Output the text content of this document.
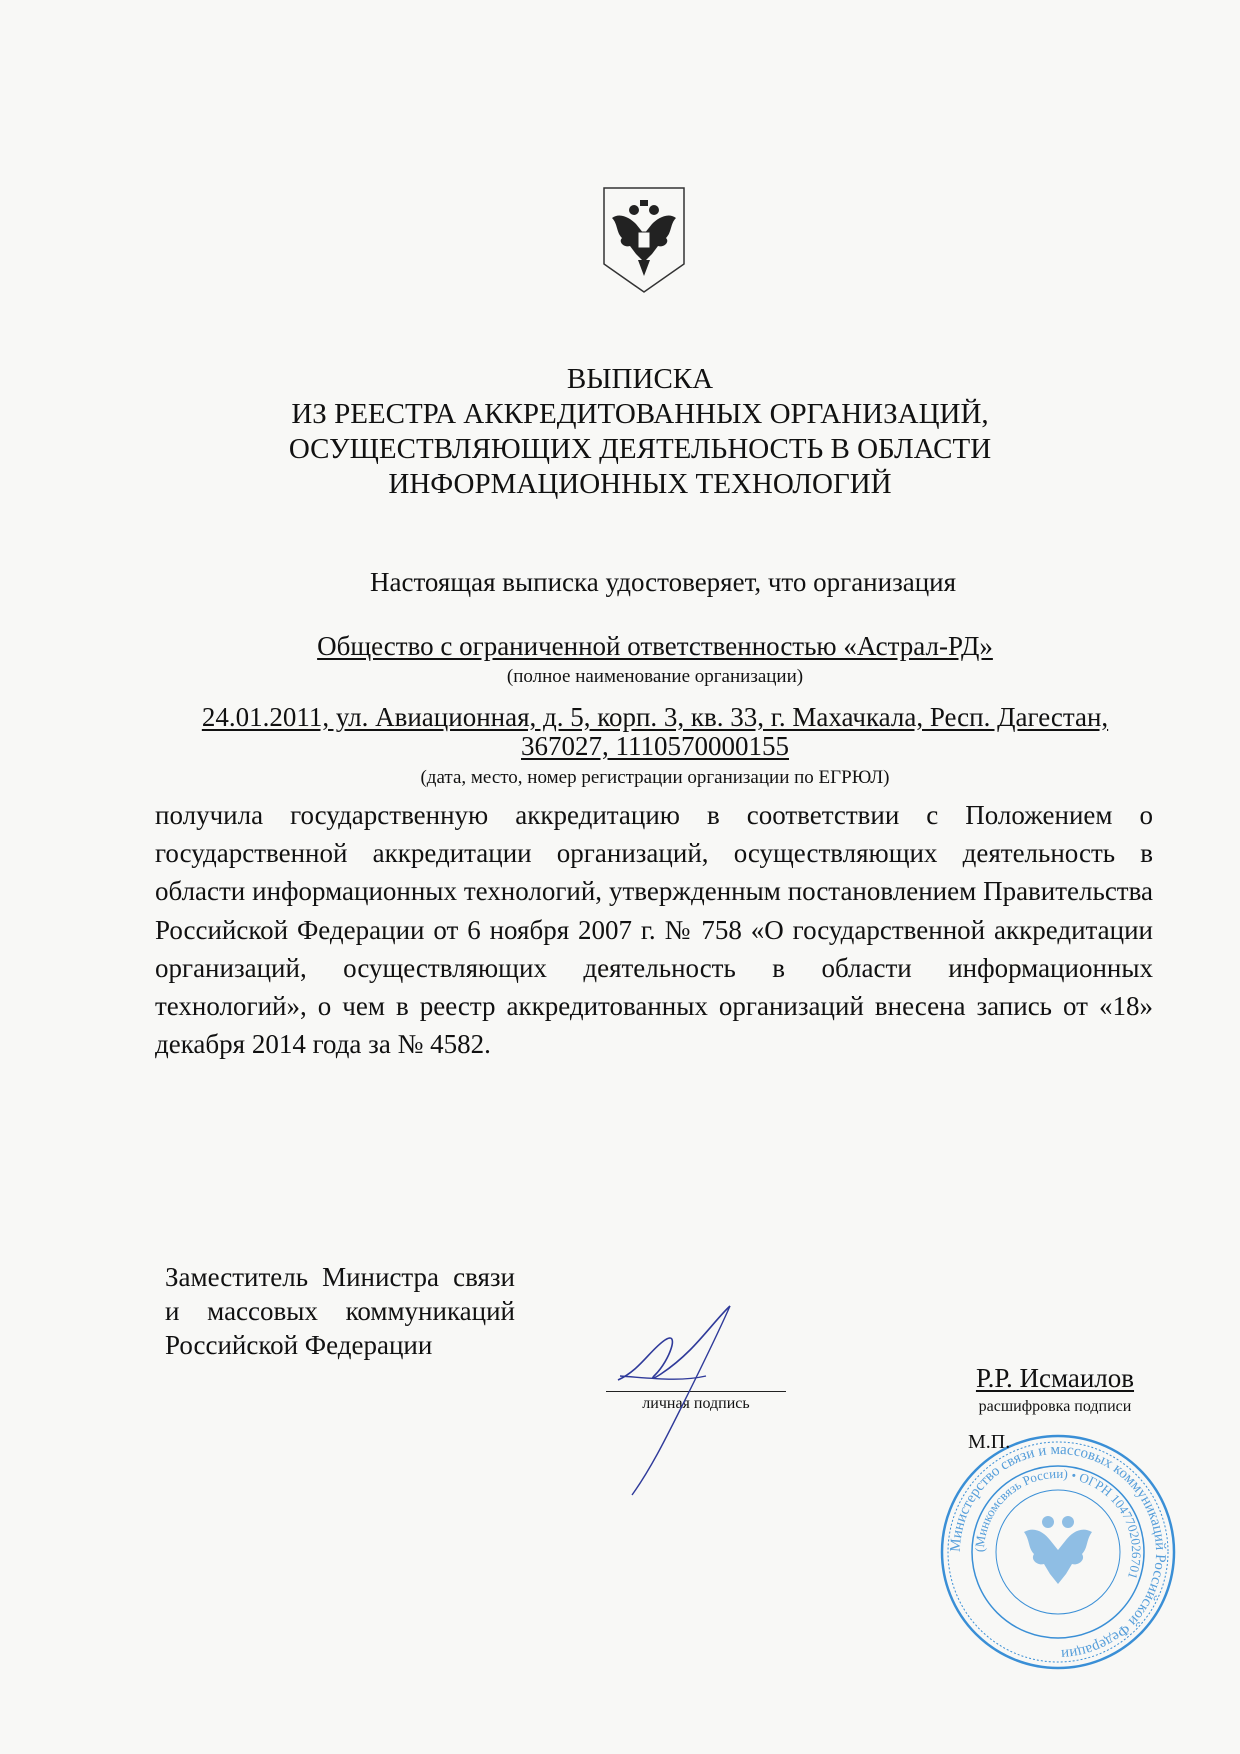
ВЫПИСКА
ИЗ РЕЕСТРА АККРЕДИТОВАННЫХ ОРГАНИЗАЦИЙ,
ОСУЩЕСТВЛЯЮЩИХ ДЕЯТЕЛЬНОСТЬ В ОБЛАСТИ
ИНФОРМАЦИОННЫХ ТЕХНОЛОГИЙ
Настоящая выписка удостоверяет, что организация
Общество с ограниченной ответственностью «Астрал-РД»
(полное наименование организации)
24.01.2011, ул. Авиационная, д. 5, корп. 3, кв. 33, г. Махачкала, Респ. Дагестан,
367027, 1110570000155
(дата, место, номер регистрации организации по ЕГРЮЛ)
получила государственную аккредитацию в соответствии с Положением о государственной аккредитации организаций, осуществляющих деятельность в области информационных технологий, утвержденным постановлением Правительства Российской Федерации от 6 ноября 2007 г. № 758 «О государственной аккредитации организаций, осуществляющих деятельность в области информационных технологий», о чем в реестр аккредитованных организаций внесена запись от «18» декабря 2014 года за № 4582.
Заместитель Министра связи и массовых коммуникаций Российской Федерации
личная подпись
Р.Р. Исмаилов
расшифровка подписи
Министерство связи и массовых коммуникаций Российской Федерации
(Минкомсвязь России) • ОГРН 1047702026701
М.П.
